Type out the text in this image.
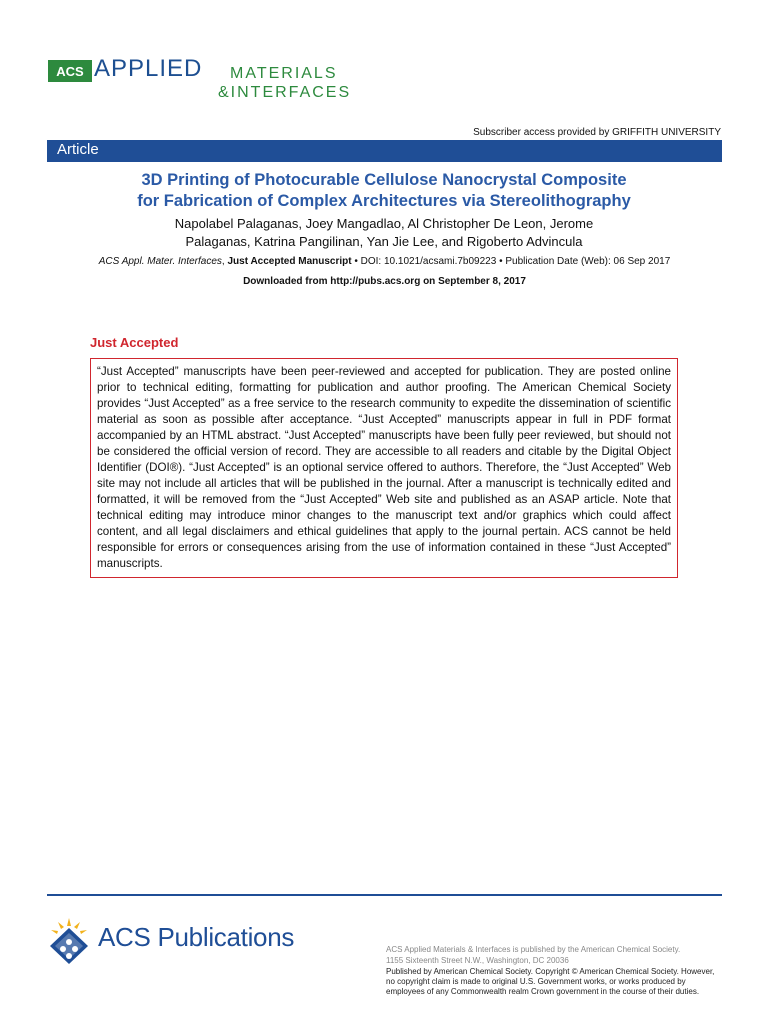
ACS APPLIED MATERIALS
&INTERFACES
Subscriber access provided by GRIFFITH UNIVERSITY
Article
3D Printing of Photocurable Cellulose Nanocrystal Composite
for Fabrication of Complex Architectures via Stereolithography
Napolabel Palaganas, Joey Mangadlao, Al Christopher De Leon, Jerome
Palaganas, Katrina Pangilinan, Yan Jie Lee, and Rigoberto Advincula
ACS Appl. Mater. Interfaces, Just Accepted Manuscript • DOI: 10.1021/acsami.7b09223 • Publication Date (Web): 06 Sep 2017
Downloaded from http://pubs.acs.org on September 8, 2017
Just Accepted
“Just Accepted” manuscripts have been peer-reviewed and accepted for publication. They are posted online prior to technical editing, formatting for publication and author proofing. The American Chemical Society provides “Just Accepted” as a free service to the research community to expedite the dissemination of scientific material as soon as possible after acceptance. “Just Accepted” manuscripts appear in full in PDF format accompanied by an HTML abstract. “Just Accepted” manuscripts have been fully peer reviewed, but should not be considered the official version of record. They are accessible to all readers and citable by the Digital Object Identifier (DOI®). “Just Accepted” is an optional service offered to authors. Therefore, the “Just Accepted” Web site may not include all articles that will be published in the journal. After a manuscript is technically edited and formatted, it will be removed from the “Just Accepted” Web site and published as an ASAP article. Note that technical editing may introduce minor changes to the manuscript text and/or graphics which could affect content, and all legal disclaimers and ethical guidelines that apply to the journal pertain. ACS cannot be held responsible for errors or consequences arising from the use of information contained in these “Just Accepted” manuscripts.
ACS Publications	ACS Applied Materials & Interfaces is published by the American Chemical Society.
1155 Sixteenth Street N.W., Washington, DC 20036
Published by American Chemical Society. Copyright © American Chemical Society. However, no copyright claim is made to original U.S. Government works, or works produced by employees of any Commonwealth realm Crown government in the course of their duties.
